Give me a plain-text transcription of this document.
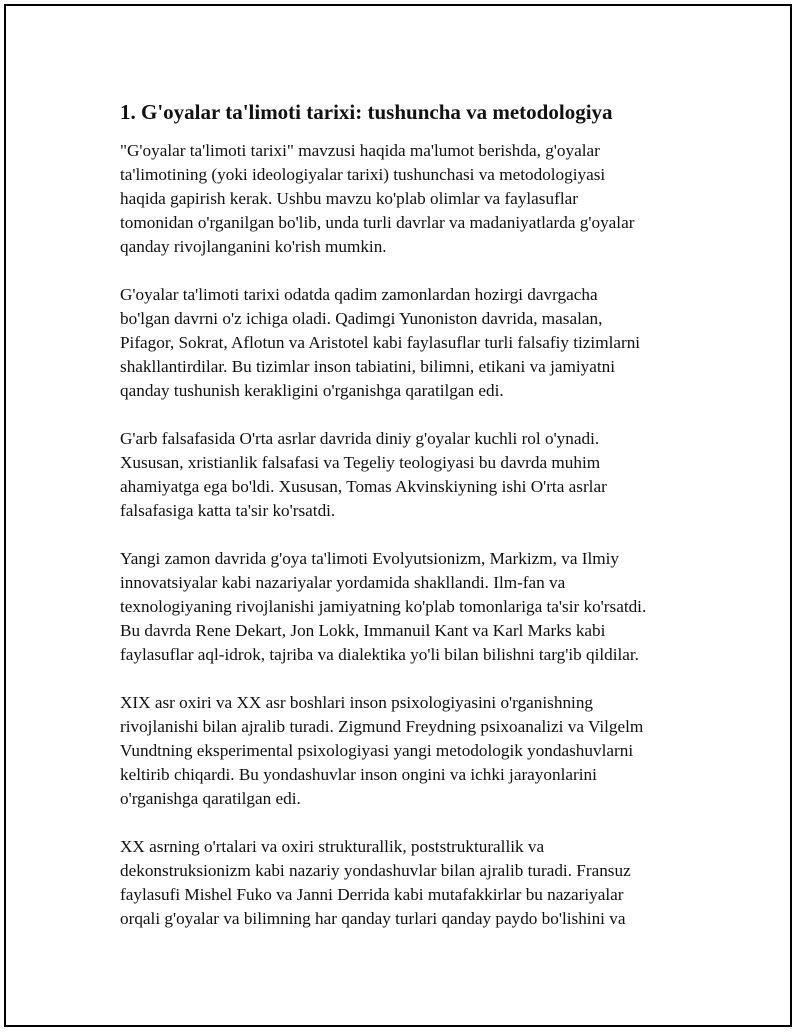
1. G'oyalar ta'limoti tarixi: tushuncha va metodologiya

"G'oyalar ta'limoti tarixi" mavzusi haqida ma'lumot berishda, g'oyalar
ta'limotining (yoki ideologiyalar tarixi) tushunchasi va metodologiyasi
haqida gapirish kerak. Ushbu mavzu ko'plab olimlar va faylasuflar
tomonidan o'rganilgan bo'lib, unda turli davrlar va madaniyatlarda g'oyalar
qanday rivojlanganini ko'rish mumkin.

G'oyalar ta'limoti tarixi odatda qadim zamonlardan hozirgi davrgacha
bo'lgan davrni o'z ichiga oladi. Qadimgi Yunoniston davrida, masalan,
Pifagor, Sokrat, Aflotun va Aristotel kabi faylasuflar turli falsafiy tizimlarni
shakllantirdilar. Bu tizimlar inson tabiatini, bilimni, etikani va jamiyatni
qanday tushunish kerakligini o'rganishga qaratilgan edi.

G'arb falsafasida O'rta asrlar davrida diniy g'oyalar kuchli rol o'ynadi.
Xususan, xristianlik falsafasi va Tegeliy teologiyasi bu davrda muhim
ahamiyatga ega bo'ldi. Xususan, Tomas Akvinskiyning ishi O'rta asrlar
falsafasiga katta ta'sir ko'rsatdi.

Yangi zamon davrida g'oya ta'limoti Evolyutsionizm, Markizm, va Ilmiy
innovatsiyalar kabi nazariyalar yordamida shakllandi. Ilm-fan va
texnologiyaning rivojlanishi jamiyatning ko'plab tomonlariga ta'sir ko'rsatdi.
Bu davrda Rene Dekart, Jon Lokk, Immanuil Kant va Karl Marks kabi
faylasuflar aql-idrok, tajriba va dialektika yo'li bilan bilishni targ'ib qildilar.

XIX asr oxiri va XX asr boshlari inson psixologiyasini o'rganishning
rivojlanishi bilan ajralib turadi. Zigmund Freydning psixoanalizi va Vilgelm
Vundtning eksperimental psixologiyasi yangi metodologik yondashuvlarni
keltirib chiqardi. Bu yondashuvlar inson ongini va ichki jarayonlarini
o'rganishga qaratilgan edi.

XX asrning o'rtalari va oxiri strukturallik, poststrukturallik va
dekonstruksionizm kabi nazariy yondashuvlar bilan ajralib turadi. Fransuz
faylasufi Mishel Fuko va Janni Derrida kabi mutafakkirlar bu nazariyalar
orqali g'oyalar va bilimning har qanday turlari qanday paydo bo'lishini va
